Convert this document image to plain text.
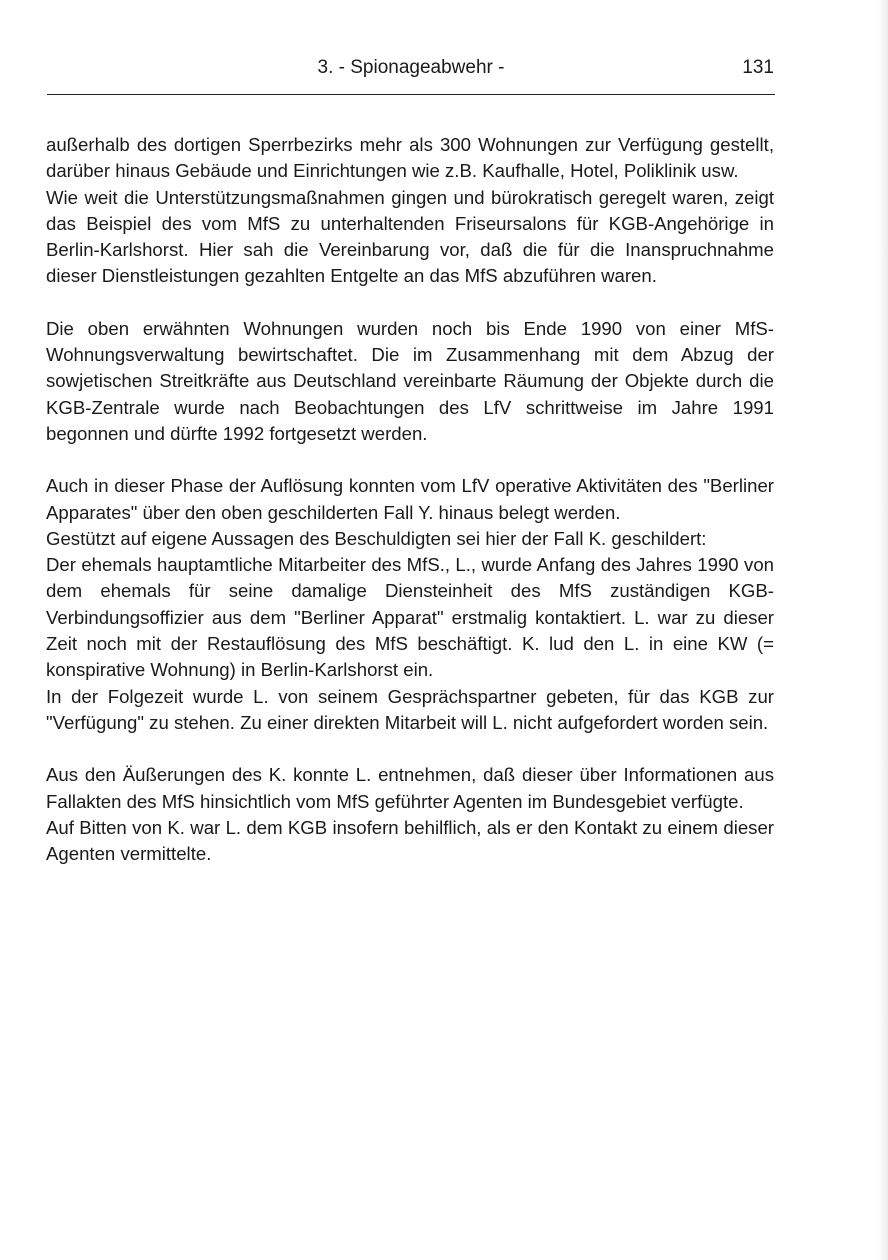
3. - Spionageabwehr -	131

außerhalb des dortigen Sperrbezirks mehr als 300 Wohnungen zur Verfügung gestellt, darüber hinaus Gebäude und Einrichtungen wie z.B. Kaufhalle, Hotel, Poliklinik usw.

Wie weit die Unterstützungsmaßnahmen gingen und bürokratisch geregelt waren, zeigt das Beispiel des vom MfS zu unterhaltenden Friseursalons für KGB-Angehörige in Berlin-Karlshorst. Hier sah die Vereinbarung vor, daß die für die Inanspruchnahme dieser Dienstleistungen gezahlten Entgelte an das MfS abzuführen waren.

Die oben erwähnten Wohnungen wurden noch bis Ende 1990 von einer MfS-Wohnungsverwaltung bewirtschaftet. Die im Zusammenhang mit dem Abzug der sowjetischen Streitkräfte aus Deutschland vereinbarte Räumung der Objekte durch die KGB-Zentrale wurde nach Beobachtungen des LfV schrittweise im Jahre 1991 begonnen und dürfte 1992 fortgesetzt werden.

Auch in dieser Phase der Auflösung konnten vom LfV operative Aktivitäten des "Berliner Apparates" über den oben geschilderten Fall Y. hinaus belegt werden.

Gestützt auf eigene Aussagen des Beschuldigten sei hier der Fall K. geschildert:

Der ehemals hauptamtliche Mitarbeiter des MfS., L., wurde Anfang des Jahres 1990 von dem ehemals für seine damalige Diensteinheit des MfS zuständigen KGB-Verbindungsoffizier aus dem "Berliner Apparat" erstmalig kontaktiert. L. war zu dieser Zeit noch mit der Restauflösung des MfS beschäftigt. K. lud den L. in eine KW (= konspirative Wohnung) in Berlin-Karlshorst ein.

In der Folgezeit wurde L. von seinem Gesprächspartner gebeten, für das KGB zur "Verfügung" zu stehen. Zu einer direkten Mitarbeit will L. nicht aufgefordert worden sein.

Aus den Äußerungen des K. konnte L. entnehmen, daß dieser über Informationen aus Fallakten des MfS hinsichtlich vom MfS geführter Agenten im Bundesgebiet verfügte.

Auf Bitten von K. war L. dem KGB insofern behilflich, als er den Kontakt zu einem dieser Agenten vermittelte.
